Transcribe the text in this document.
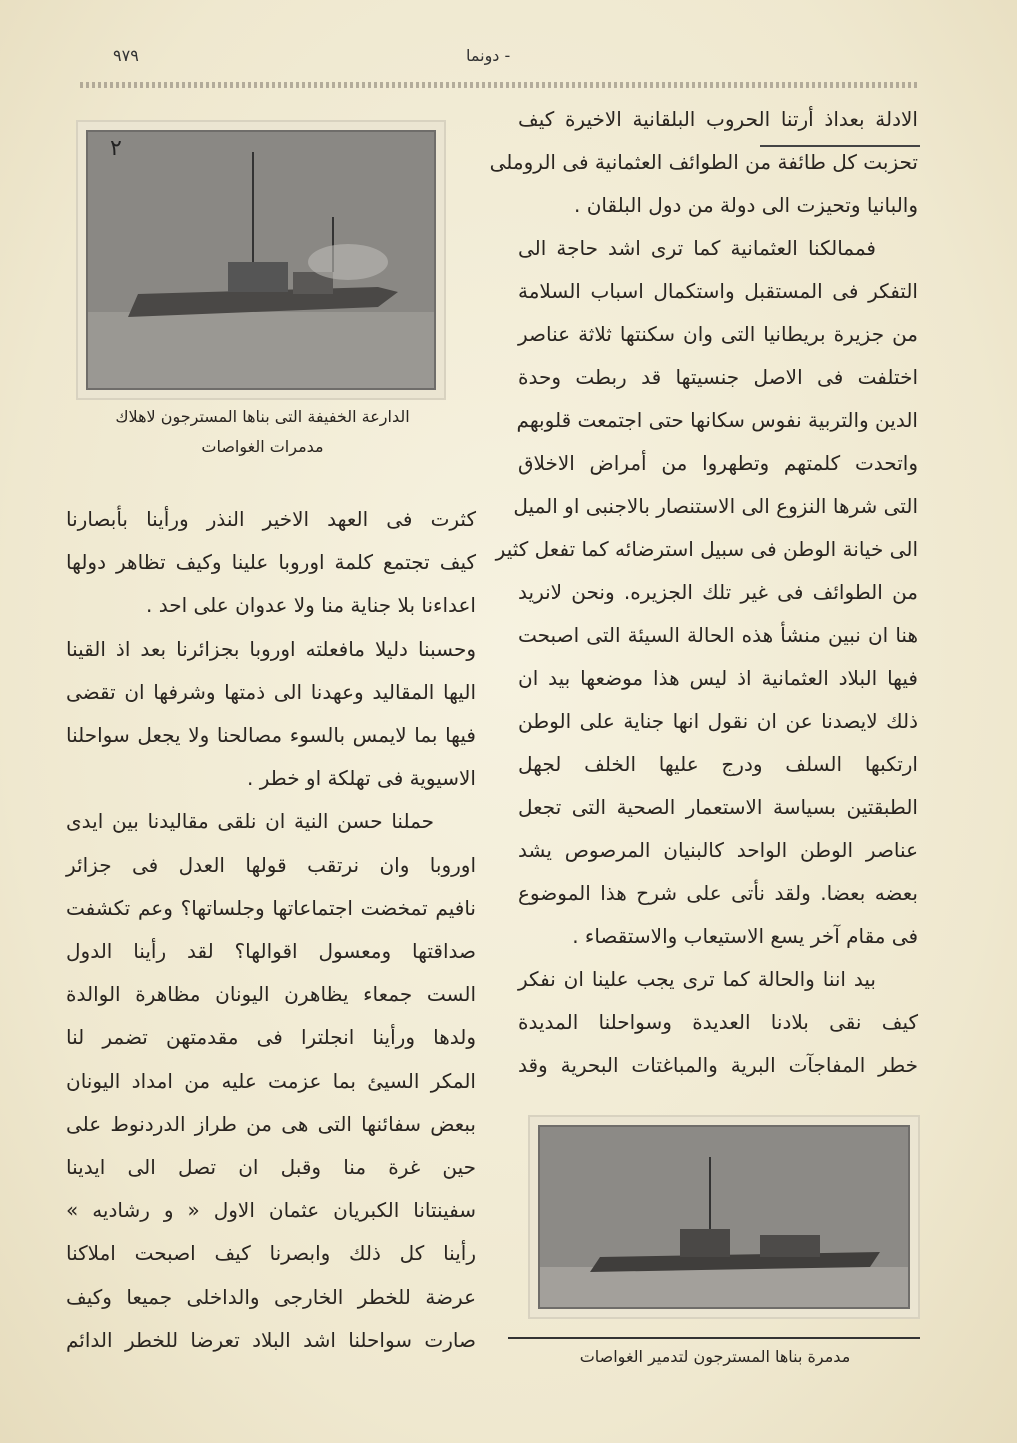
٩٧٩	دونما -
٢
الدارعة الخفيفة التى بناها المسترجون لاهلاك
مدمرات الغواصات
مدمرة بناها المسترجون لتدمير الغواصات
الادلة بعداذ أرتنا الحروب البلقانية الاخيرة كيف
تحزبت كل طائفة من الطوائف العثمانية فى الروملى
والبانيا وتحيزت الى دولة من دول البلقان .
فممالكنا العثمانية كما ترى اشد حاجة الى
التفكر فى المستقبل واستكمال اسباب السلامة
من جزيرة بريطانيا التى وان سكنتها ثلاثة عناصر
اختلفت فى الاصل جنسيتها قد ربطت وحدة
الدين والتربية نفوس سكانها حتى اجتمعت قلوبهم
واتحدت كلمتهم وتطهروا من أمراض الاخلاق
التى شرها النزوع الى الاستنصار بالاجنبى او الميل
الى خيانة الوطن فى سبيل استرضائه كما تفعل كثير
من الطوائف فى غير تلك الجزيره. ونحن لانريد
هنا ان نبين منشأ هذه الحالة السيئة التى اصبحت
فيها البلاد العثمانية اذ ليس هذا موضعها بيد ان
ذلك لايصدنا عن ان نقول انها جناية على الوطن
ارتكبها السلف ودرج عليها الخلف لجهل
الطبقتين بسياسة الاستعمار الصحية التى تجعل
عناصر الوطن الواحد كالبنيان المرصوص يشد
بعضه بعضا. ولقد نأتى على شرح هذا الموضوع
فى مقام آخر يسع الاستيعاب والاستقصاء .
بيد اننا والحالة كما ترى يجب علينا ان نفكر
كيف نقى بلادنا العديدة وسواحلنا المديدة
خطر المفاجآت البرية والمباغتات البحرية وقد
كثرت فى العهد الاخير النذر ورأينا بأبصارنا
كيف تجتمع كلمة اوروبا علينا وكيف تظاهر دولها
اعداءنا بلا جناية منا ولا عدوان على احد .
وحسبنا دليلا مافعلته اوروبا بجزائرنا بعد اذ القينا
اليها المقاليد وعهدنا الى ذمتها وشرفها ان تقضى
فيها بما لايمس بالسوء مصالحنا ولا يجعل سواحلنا
الاسيوية فى تهلكة او خطر .
حملنا حسن النية ان نلقى مقاليدنا بين ايدى
اوروبا وان نرتقب قولها العدل فى جزائر
نافيم تمخضت اجتماعاتها وجلساتها؟ وعم تكشفت
صداقتها ومعسول اقوالها؟ لقد رأينا الدول
الست جمعاء يظاهرن اليونان مظاهرة الوالدة
ولدها ورأينا انجلترا فى مقدمتهن تضمر لنا
المكر السيئ بما عزمت عليه من امداد اليونان
ببعض سفائنها التى هى من طراز الدردنوط على
حين غرة منا وقبل ان تصل الى ايدينا
سفينتانا الكبريان عثمان الاول « و رشاديه »
رأينا كل ذلك وابصرنا كيف اصبحت املاكنا
عرضة للخطر الخارجى والداخلى جميعا وكيف
صارت سواحلنا اشد البلاد تعرضا للخطر الدائم
